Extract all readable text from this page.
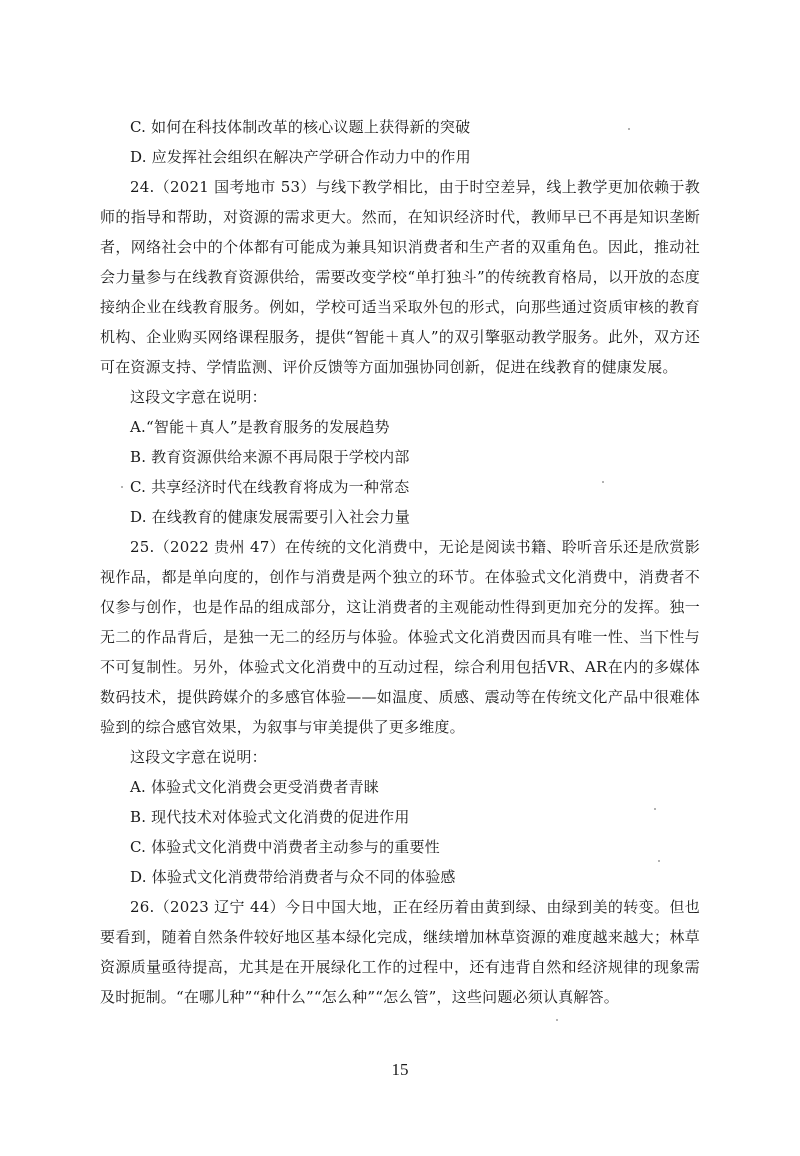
C. 如何在科技体制改革的核心议题上获得新的突破
D. 应发挥社会组织在解决产学研合作动力中的作用
24.（2021 国考地市 53）与线下教学相比，由于时空差异，线上教学更加依赖于教师的指导和帮助，对资源的需求更大。然而，在知识经济时代，教师早已不再是知识垄断者，网络社会中的个体都有可能成为兼具知识消费者和生产者的双重角色。因此，推动社会力量参与在线教育资源供给，需要改变学校“单打独斗”的传统教育格局，以开放的态度接纳企业在线教育服务。例如，学校可适当采取外包的形式，向那些通过资质审核的教育机构、企业购买网络课程服务，提供“智能＋真人”的双引擎驱动教学服务。此外，双方还可在资源支持、学情监测、评价反馈等方面加强协同创新，促进在线教育的健康发展。
这段文字意在说明：
A.“智能＋真人”是教育服务的发展趋势
B. 教育资源供给来源不再局限于学校内部
C. 共享经济时代在线教育将成为一种常态
D. 在线教育的健康发展需要引入社会力量
25.（2022 贵州 47）在传统的文化消费中，无论是阅读书籍、聆听音乐还是欣赏影视作品，都是单向度的，创作与消费是两个独立的环节。在体验式文化消费中，消费者不仅参与创作，也是作品的组成部分，这让消费者的主观能动性得到更加充分的发挥。独一无二的作品背后，是独一无二的经历与体验。体验式文化消费因而具有唯一性、当下性与不可复制性。另外，体验式文化消费中的互动过程，综合利用包括VR、AR在内的多媒体数码技术，提供跨媒介的多感官体验——如温度、质感、震动等在传统文化产品中很难体验到的综合感官效果，为叙事与审美提供了更多维度。
这段文字意在说明：
A. 体验式文化消费会更受消费者青睐
B. 现代技术对体验式文化消费的促进作用
C. 体验式文化消费中消费者主动参与的重要性
D. 体验式文化消费带给消费者与众不同的体验感
26.（2023 辽宁 44）今日中国大地，正在经历着由黄到绿、由绿到美的转变。但也要看到，随着自然条件较好地区基本绿化完成，继续增加林草资源的难度越来越大；林草资源质量亟待提高，尤其是在开展绿化工作的过程中，还有违背自然和经济规律的现象需及时扼制。“在哪儿种”“种什么”“怎么种”“怎么管”，这些问题必须认真解答。
15
